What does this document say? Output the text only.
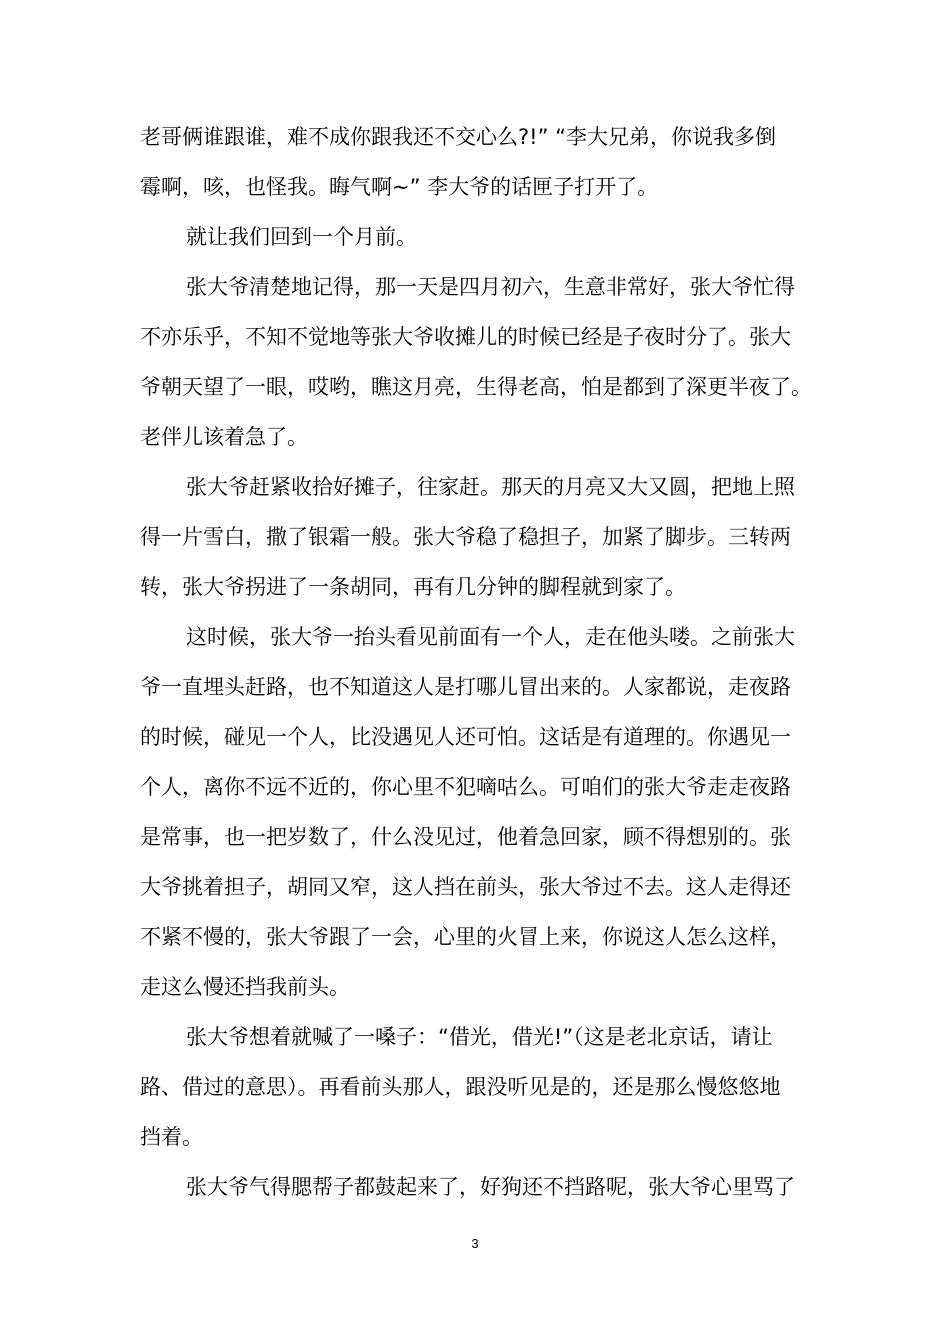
老哥俩谁跟谁，难不成你跟我还不交心么?!” “李大兄弟，你说我多倒
霉啊，咳，也怪我。晦气啊~” 李大爷的话匣子打开了。
就让我们回到一个月前。
张大爷清楚地记得，那一天是四月初六，生意非常好，张大爷忙得
不亦乐乎，不知不觉地等张大爷收摊儿的时候已经是子夜时分了。张大
爷朝天望了一眼，哎哟，瞧这月亮，生得老高，怕是都到了深更半夜了。
老伴儿该着急了。
张大爷赶紧收拾好摊子，往家赶。那天的月亮又大又圆，把地上照
得一片雪白，撒了银霜一般。张大爷稳了稳担子，加紧了脚步。三转两
转，张大爷拐进了一条胡同，再有几分钟的脚程就到家了。
这时候，张大爷一抬头看见前面有一个人，走在他头喽。之前张大
爷一直埋头赶路，也不知道这人是打哪儿冒出来的。人家都说，走夜路
的时候，碰见一个人，比没遇见人还可怕。这话是有道理的。你遇见一
个人，离你不远不近的，你心里不犯嘀咕么。可咱们的张大爷走走夜路
是常事，也一把岁数了，什么没见过，他着急回家，顾不得想别的。张
大爷挑着担子，胡同又窄，这人挡在前头，张大爷过不去。这人走得还
不紧不慢的，张大爷跟了一会，心里的火冒上来，你说这人怎么这样，
走这么慢还挡我前头。
张大爷想着就喊了一嗓子：“借光，借光!”（这是老北京话，请让
路、借过的意思）。再看前头那人，跟没听见是的，还是那么慢悠悠地
挡着。
张大爷气得腮帮子都鼓起来了，好狗还不挡路呢，张大爷心里骂了
3
